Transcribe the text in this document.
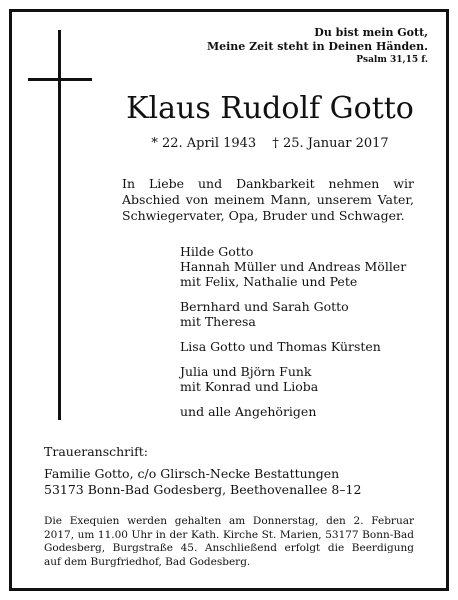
Du bist mein Gott,
Meine Zeit steht in Deinen Händen.
Psalm 31,15 f.
Klaus Rudolf Gotto
* 22. April 1943 † 25. Januar 2017
In Liebe und Dankbarkeit nehmen wir
Abschied von meinem Mann, unserem Vater,
Schwiegervater, Opa, Bruder und Schwager.
Hilde Gotto
Hannah Müller und Andreas Möller
mit Felix, Nathalie und Pete
Bernhard und Sarah Gotto
mit Theresa
Lisa Gotto und Thomas Kürsten
Julia und Björn Funk
mit Konrad und Lioba
und alle Angehörigen
Traueranschrift:
Familie Gotto, c/o Glirsch-Necke Bestattungen
53173 Bonn-Bad Godesberg, Beethovenallee 8–12
Die Exequien werden gehalten am Donnerstag, den 2. Februar
2017, um 11.00 Uhr in der Kath. Kirche St. Marien, 53177 Bonn-Bad
Godesberg, Burgstraße 45. Anschließend erfolgt die Beerdigung
auf dem Burgfriedhof, Bad Godesberg.
